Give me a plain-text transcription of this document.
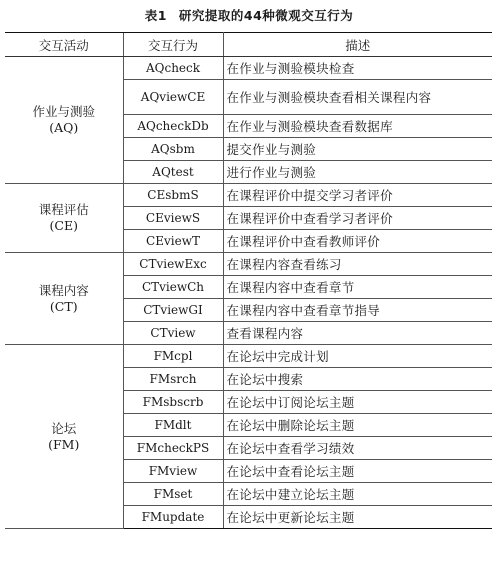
表1 研究提取的44种微观交互行为
交互活动	交互行为	描述

作业与测验
(AQ)	AQcheck	在作业与测验模块检查
	AQviewCE	在作业与测验模块查看相关课程内容
	AQcheckDb	在作业与测验模块查看数据库
	AQsbm	提交作业与测验
	AQtest	进行作业与测验

课程评估
(CE)	CEsbmS	在课程评价中提交学习者评价
	CEviewS	在课程评价中查看学习者评价
	CEviewT	在课程评价中查看教师评价

课程内容
(CT)	CTviewExc	在课程内容查看练习
	CTviewCh	在课程内容中查看章节
	CTviewGI	在课程内容中查看章节指导
	CTview	查看课程内容

论坛
(FM)	FMcpl	在论坛中完成计划
	FMsrch	在论坛中搜索
	FMsbscrb	在论坛中订阅论坛主题
	FMdlt	在论坛中删除论坛主题
	FMcheckPS	在论坛中查看学习绩效
	FMview	在论坛中查看论坛主题
	FMset	在论坛中建立论坛主题
	FMupdate	在论坛中更新论坛主题
